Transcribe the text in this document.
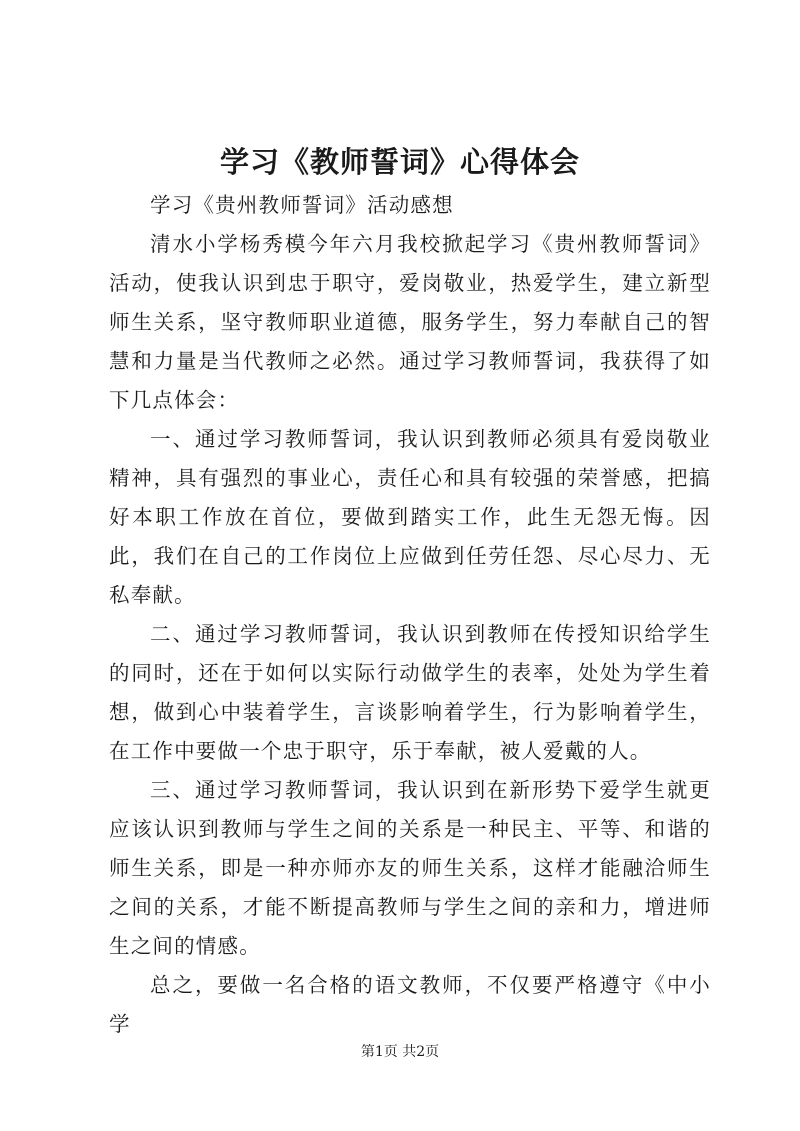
学习《教师誓词》心得体会

学习《贵州教师誓词》活动感想

清水小学杨秀模今年六月我校掀起学习《贵州教师誓词》活动，使我认识到忠于职守，爱岗敬业，热爱学生，建立新型师生关系，坚守教师职业道德，服务学生，努力奉献自己的智慧和力量是当代教师之必然。通过学习教师誓词，我获得了如下几点体会：

一、通过学习教师誓词，我认识到教师必须具有爱岗敬业精神，具有强烈的事业心，责任心和具有较强的荣誉感，把搞好本职工作放在首位，要做到踏实工作，此生无怨无悔。因此，我们在自己的工作岗位上应做到任劳任怨、尽心尽力、无私奉献。

二、通过学习教师誓词，我认识到教师在传授知识给学生的同时，还在于如何以实际行动做学生的表率，处处为学生着想，做到心中装着学生，言谈影响着学生，行为影响着学生，在工作中要做一个忠于职守，乐于奉献，被人爱戴的人。

三、通过学习教师誓词，我认识到在新形势下爱学生就更应该认识到教师与学生之间的关系是一种民主、平等、和谐的师生关系，即是一种亦师亦友的师生关系，这样才能融洽师生之间的关系，才能不断提高教师与学生之间的亲和力，增进师生之间的情感。

总之，要做一名合格的语文教师，不仅要严格遵守《中小学

第1页 共2页
